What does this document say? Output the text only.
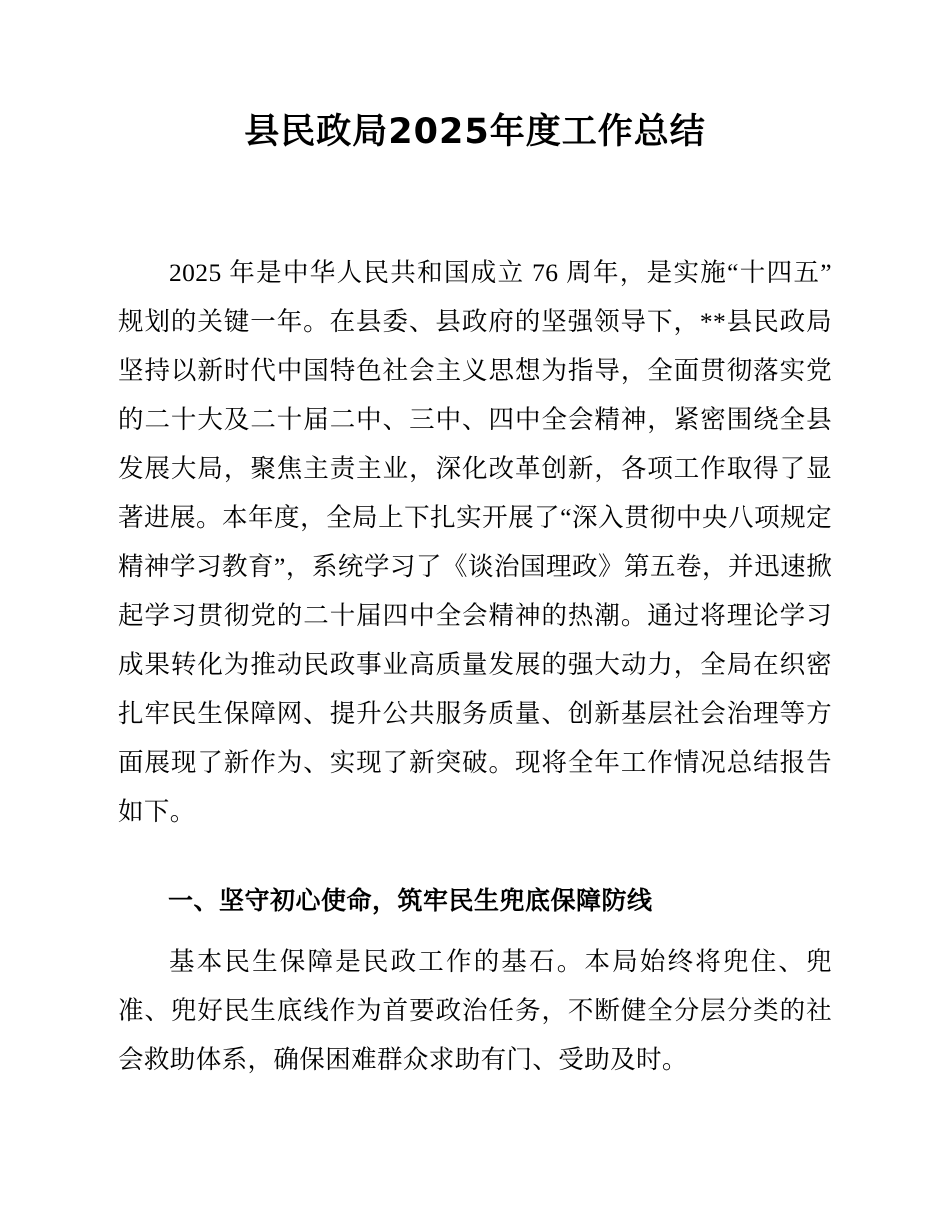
县民政局2025年度工作总结

2025 年是中华人民共和国成立 76 周年，是实施“十四五”规划的关键一年。在县委、县政府的坚强领导下，**县民政局坚持以新时代中国特色社会主义思想为指导，全面贯彻落实党的二十大及二十届二中、三中、四中全会精神，紧密围绕全县发展大局，聚焦主责主业，深化改革创新，各项工作取得了显著进展。本年度，全局上下扎实开展了“深入贯彻中央八项规定精神学习教育”，系统学习了《谈治国理政》第五卷，并迅速掀起学习贯彻党的二十届四中全会精神的热潮。通过将理论学习成果转化为推动民政事业高质量发展的强大动力，全局在织密扎牢民生保障网、提升公共服务质量、创新基层社会治理等方面展现了新作为、实现了新突破。现将全年工作情况总结报告如下。

一、坚守初心使命，筑牢民生兜底保障防线

基本民生保障是民政工作的基石。本局始终将兜住、兜准、兜好民生底线作为首要政治任务，不断健全分层分类的社会救助体系，确保困难群众求助有门、受助及时。
